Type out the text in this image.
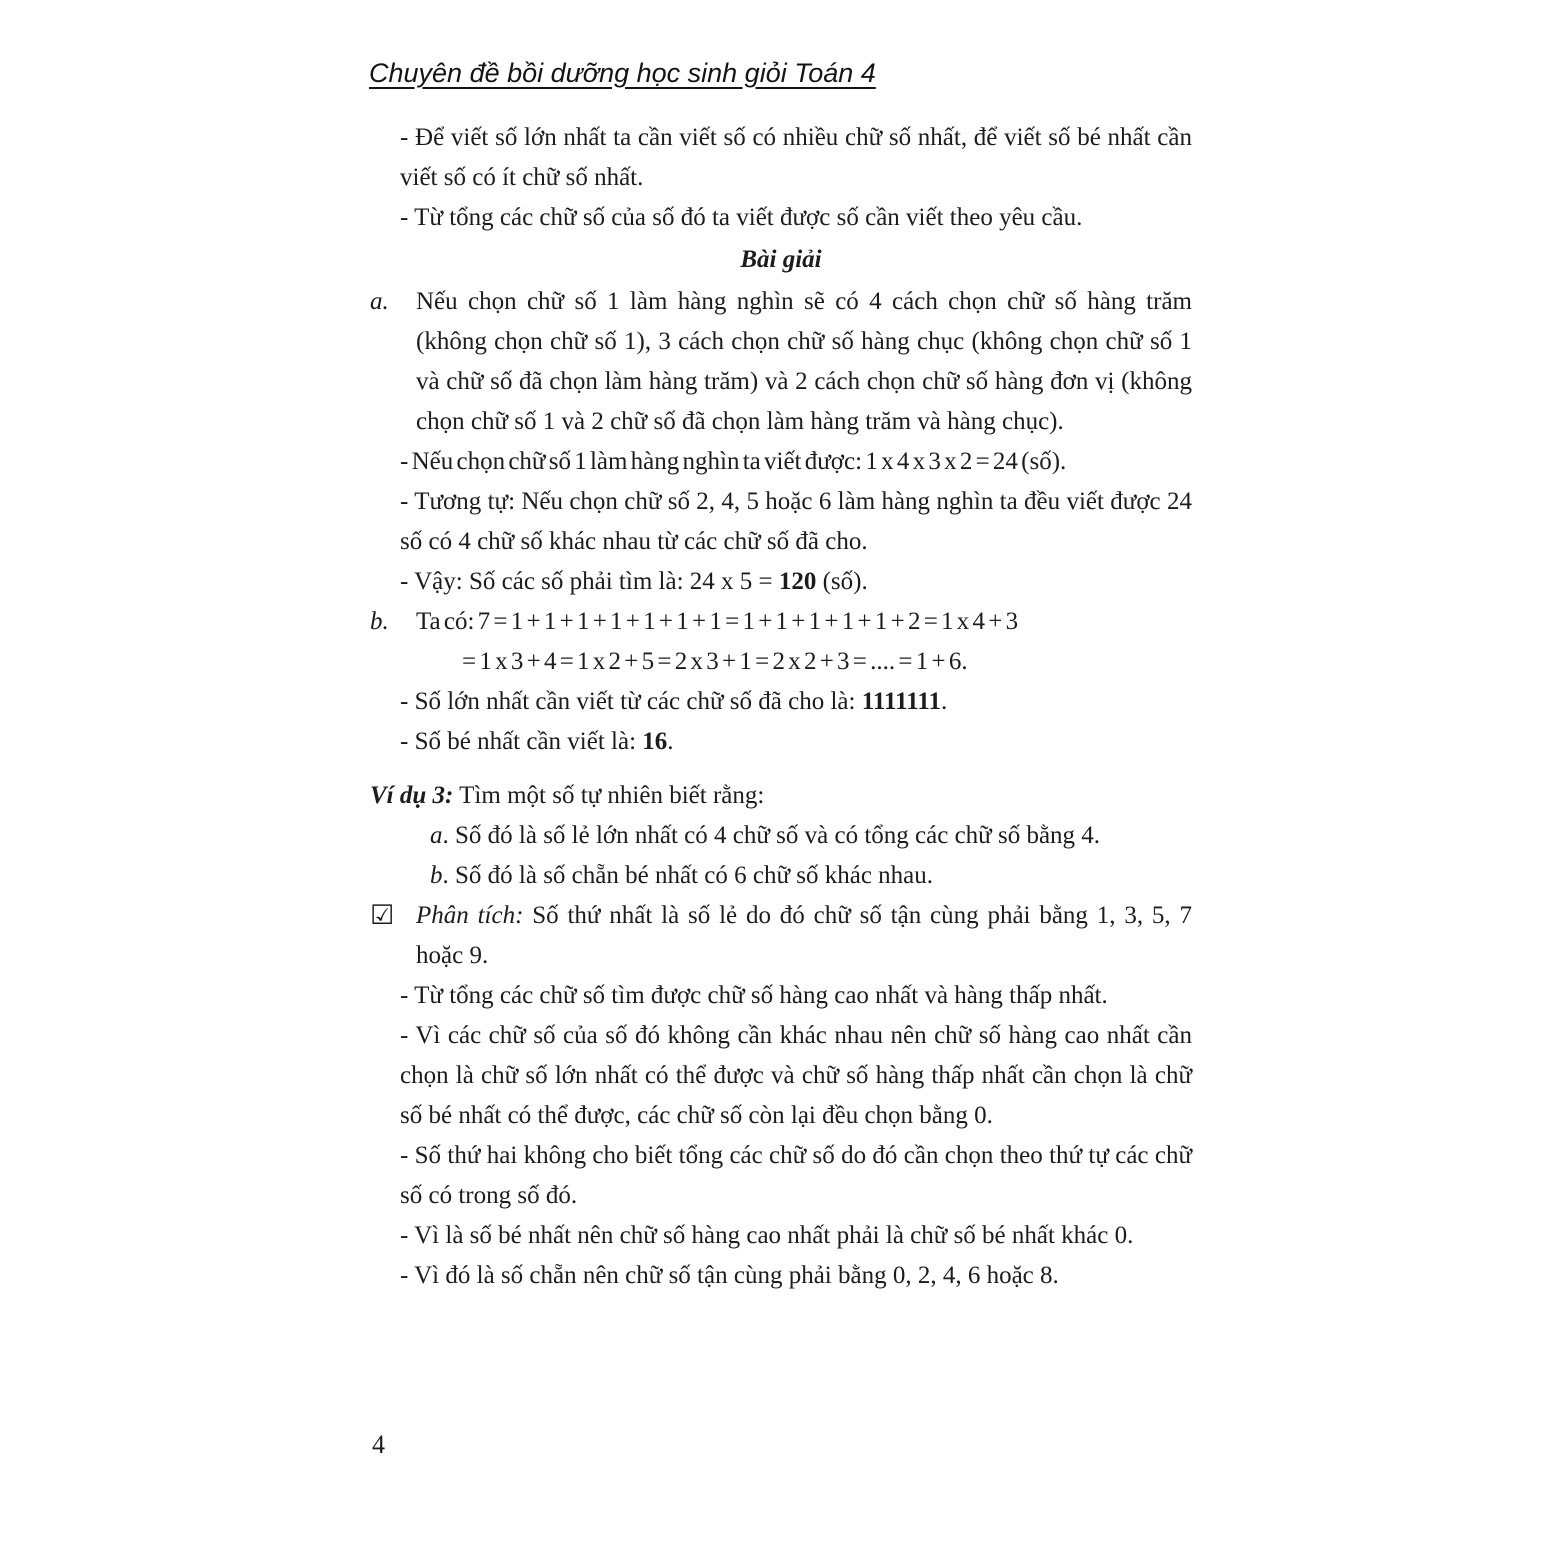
Chuyên đề bồi dưỡng học sinh giỏi Toán 4
- Để viết số lớn nhất ta cần viết số có nhiều chữ số nhất, để viết số bé nhất cần viết số có ít chữ số nhất.
- Từ tổng các chữ số của số đó ta viết được số cần viết theo yêu cầu.
Bài giải
a.	Nếu chọn chữ số 1 làm hàng nghìn sẽ có 4 cách chọn chữ số hàng trăm (không chọn chữ số 1), 3 cách chọn chữ số hàng chục (không chọn chữ số 1 và chữ số đã chọn làm hàng trăm) và 2 cách chọn chữ số hàng đơn vị (không chọn chữ số 1 và 2 chữ số đã chọn làm hàng trăm và hàng chục).
- Nếu chọn chữ số 1 làm hàng nghìn ta viết được: 1 x 4 x 3 x 2 = 24 (số).
- Tương tự: Nếu chọn chữ số 2, 4, 5 hoặc 6 làm hàng nghìn ta đều viết được 24 số có 4 chữ số khác nhau từ các chữ số đã cho.
- Vậy: Số các số phải tìm là: 24 x 5 = 120 (số).
b.	Ta có: 7 = 1 + 1 + 1 + 1 + 1 + 1 + 1 = 1 + 1 + 1 + 1 + 1 + 2 = 1 x 4 + 3
= 1 x 3 + 4 = 1 x 2 + 5 = 2 x 3 + 1 = 2 x 2 + 3 = .... = 1 + 6.
- Số lớn nhất cần viết từ các chữ số đã cho là: 1111111.
- Số bé nhất cần viết là: 16.
Ví dụ 3: Tìm một số tự nhiên biết rằng:
a. Số đó là số lẻ lớn nhất có 4 chữ số và có tổng các chữ số bằng 4.
b. Số đó là số chẵn bé nhất có 6 chữ số khác nhau.
☑ Phân tích: Số thứ nhất là số lẻ do đó chữ số tận cùng phải bằng 1, 3, 5, 7 hoặc 9.
- Từ tổng các chữ số tìm được chữ số hàng cao nhất và hàng thấp nhất.
- Vì các chữ số của số đó không cần khác nhau nên chữ số hàng cao nhất cần chọn là chữ số lớn nhất có thể được và chữ số hàng thấp nhất cần chọn là chữ số bé nhất có thể được, các chữ số còn lại đều chọn bằng 0.
- Số thứ hai không cho biết tổng các chữ số do đó cần chọn theo thứ tự các chữ số có trong số đó.
- Vì là số bé nhất nên chữ số hàng cao nhất phải là chữ số bé nhất khác 0.
- Vì đó là số chẵn nên chữ số tận cùng phải bằng 0, 2, 4, 6 hoặc 8.
4
